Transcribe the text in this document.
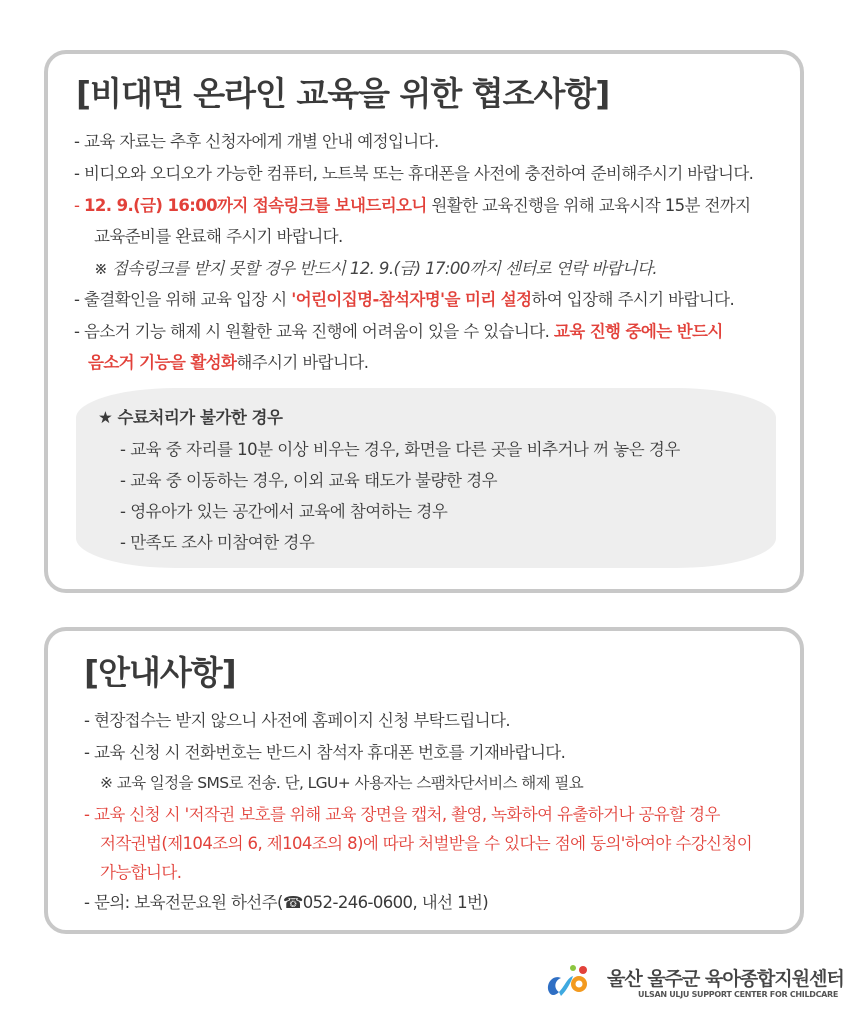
[비대면 온라인 교육을 위한 협조사항]
- 교육 자료는 추후 신청자에게 개별 안내 예정입니다.
- 비디오와 오디오가 가능한 컴퓨터, 노트북 또는 휴대폰을 사전에 충전하여 준비해주시기 바랍니다.
- 12. 9.(금) 16:00까지 접속링크를 보내드리오니 원활한 교육진행을 위해 교육시작 15분 전까지
교육준비를 완료해 주시기 바랍니다.
※ 접속링크를 받지 못할 경우 반드시 12. 9.(금) 17:00까지 센터로 연락 바랍니다.
- 출결확인을 위해 교육 입장 시 '어린이집명-참석자명'을 미리 설정하여 입장해 주시기 바랍니다.
- 음소거 기능 해제 시 원활한 교육 진행에 어려움이 있을 수 있습니다. 교육 진행 중에는 반드시
음소거 기능을 활성화해주시기 바랍니다.
★ 수료처리가 불가한 경우
- 교육 중 자리를 10분 이상 비우는 경우, 화면을 다른 곳을 비추거나 꺼 놓은 경우
- 교육 중 이동하는 경우, 이외 교육 태도가 불량한 경우
- 영유아가 있는 공간에서 교육에 참여하는 경우
- 만족도 조사 미참여한 경우
[안내사항]
- 현장접수는 받지 않으니 사전에 홈페이지 신청 부탁드립니다.
- 교육 신청 시 전화번호는 반드시 참석자 휴대폰 번호를 기재바랍니다.
※ 교육 일정을 SMS로 전송. 단, LGU+ 사용자는 스팸차단서비스 해제 필요
- 교육 신청 시 '저작권 보호를 위해 교육 장면을 캡처, 촬영, 녹화하여 유출하거나 공유할 경우
저작권법(제104조의 6, 제104조의 8)에 따라 처벌받을 수 있다는 점에 동의'하여야 수강신청이
가능합니다.
- 문의: 보육전문요원 하선주(☎052-246-0600, 내선 1번)
울산 울주군 육아종합지원센터
ULSAN ULJU SUPPORT CENTER FOR CHILDCARE
